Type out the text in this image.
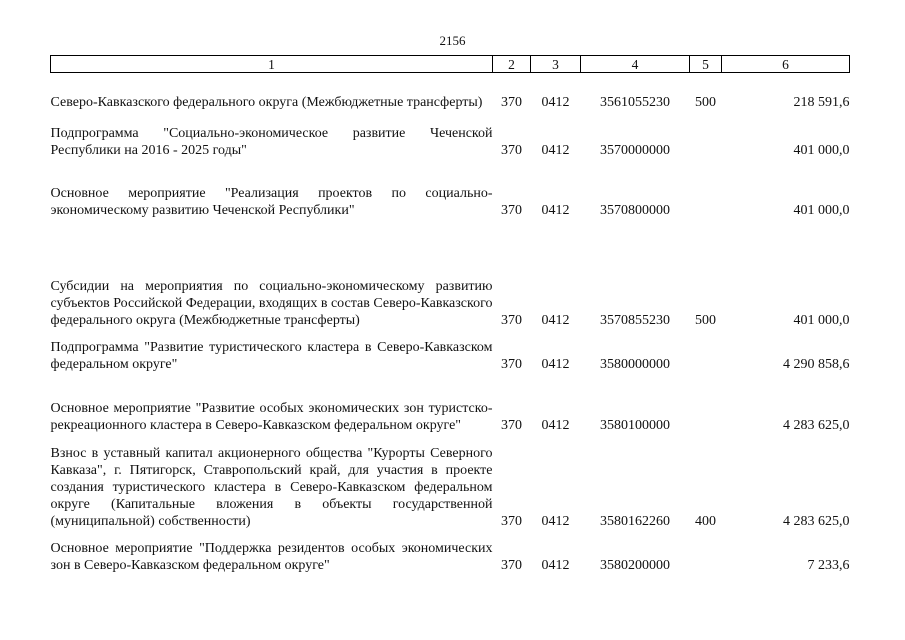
2156
1	2	3	4	5	6
Северо-Кавказского федерального округа (Межбюджетные трансферты)	370	0412	3561055230	500	218 591,6
Подпрограмма "Социально-экономическое развитие Чеченской Республики на 2016 - 2025 годы"	370	0412	3570000000		401 000,0
Основное мероприятие "Реализация проектов по социально-экономическому развитию Чеченской Республики"	370	0412	3570800000		401 000,0
Субсидии на мероприятия по социально-экономическому развитию субъектов Российской Федерации, входящих в состав Северо-Кавказского федерального округа (Межбюджетные трансферты)	370	0412	3570855230	500	401 000,0
Подпрограмма "Развитие туристического кластера в Северо-Кавказском федеральном округе"	370	0412	3580000000		4 290 858,6
Основное мероприятие "Развитие особых экономических зон туристско-рекреационного кластера в Северо-Кавказском федеральном округе"	370	0412	3580100000		4 283 625,0
Взнос в уставный капитал акционерного общества "Курорты Северного Кавказа", г. Пятигорск, Ставропольский край, для участия в проекте создания туристического кластера в Северо-Кавказском федеральном округе (Капитальные вложения в объекты государственной (муниципальной) собственности)	370	0412	3580162260	400	4 283 625,0
Основное мероприятие "Поддержка резидентов особых экономических зон в Северо-Кавказском федеральном округе"	370	0412	3580200000		7 233,6
